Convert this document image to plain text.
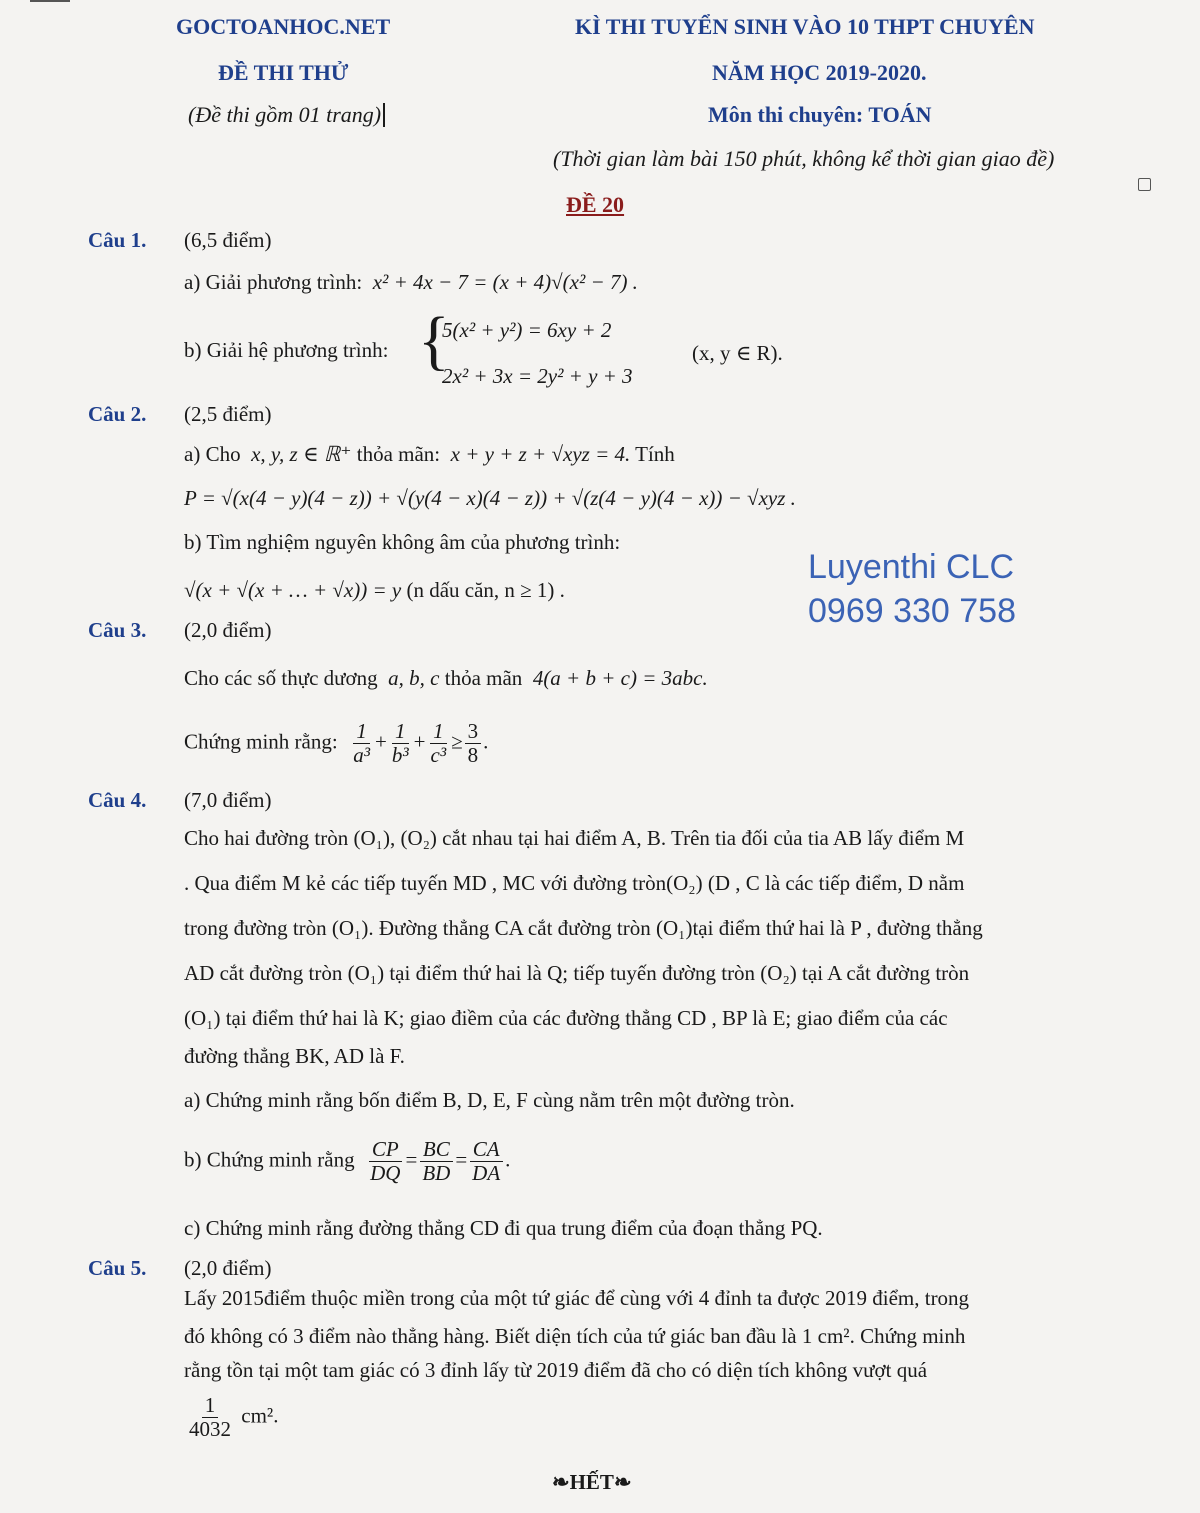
GOCTOANHOC.NET	KÌ THI TUYỂN SINH VÀO 10 THPT CHUYÊN
ĐỀ THI THỬ	NĂM HỌC 2019-2020.
(Đề thi gồm 01 trang)	Môn thi chuyên: TOÁN
(Thời gian làm bài 150 phút, không kể thời gian giao đề)
ĐỀ 20
Luyenthi CLC
0969 330 758
Câu 1. (6,5 điểm)
a) Giải phương trình: x² + 4x − 7 = (x + 4)√(x² − 7) .
b) Giải hệ phương trình: {
5(x² + y²) = 6xy + 2
2x² + 3x = 2y² + y + 3
(x, y ∈ R).
Câu 2. (2,5 điểm)
a) Cho x, y, z ∈ ℝ⁺ thỏa mãn: x + y + z + √xyz = 4. Tính
P = √(x(4 − y)(4 − z)) + √(y(4 − x)(4 − z)) + √(z(4 − y)(4 − x)) − √xyz .
b) Tìm nghiệm nguyên không âm của phương trình:
√(x + √(x + … + √x)) = y (n dấu căn, n ≥ 1) .
Câu 3. (2,0 điểm)
Cho các số thực dương a, b, c thỏa mãn 4(a + b + c) = 3abc.
Chứng minh rằng: $\frac{1}{\text{a³}} + \frac{1}{\text{b³}} + \frac{1}{\text{c³}} \ge \frac{3}{8}$ .
Câu 4. (7,0 điểm)
Cho hai đường tròn (O₁), (O₂) cắt nhau tại hai điểm A, B. Trên tia đối của tia AB lấy điểm M
. Qua điểm M kẻ các tiếp tuyến MD , MC với đường tròn(O₂) (D , C là các tiếp điểm, D nằm
trong đường tròn (O₁). Đường thẳng CA cắt đường tròn (O₁)tại điểm thứ hai là P , đường thẳng
AD cắt đường tròn (O₁) tại điểm thứ hai là Q; tiếp tuyến đường tròn (O₂) tại A cắt đường tròn
(O₁) tại điểm thứ hai là K; giao điềm của các đường thẳng CD , BP là E; giao điểm của các
đường thẳng BK, AD là F.
a) Chứng minh rằng bốn điểm B, D, E, F cùng nằm trên một đường tròn.
b) Chứng minh rằng $\frac{CP}{DQ} = \frac{BC}{BD} = \frac{CA}{DA}$ .
c) Chứng minh rằng đường thẳng CD đi qua trung điểm của đoạn thẳng PQ.
Câu 5. (2,0 điểm)
Lấy 2015điểm thuộc miền trong của một tứ giác để cùng với 4 đỉnh ta được 2019 điểm, trong
đó không có 3 điểm nào thẳng hàng. Biết diện tích của tứ giác ban đầu là 1 cm². Chứng minh
rằng tồn tại một tam giác có 3 đỉnh lấy từ 2019 điểm đã cho có diện tích không vượt quá
$\frac{1}{4032} cm^2$.
❧HẾT❧
